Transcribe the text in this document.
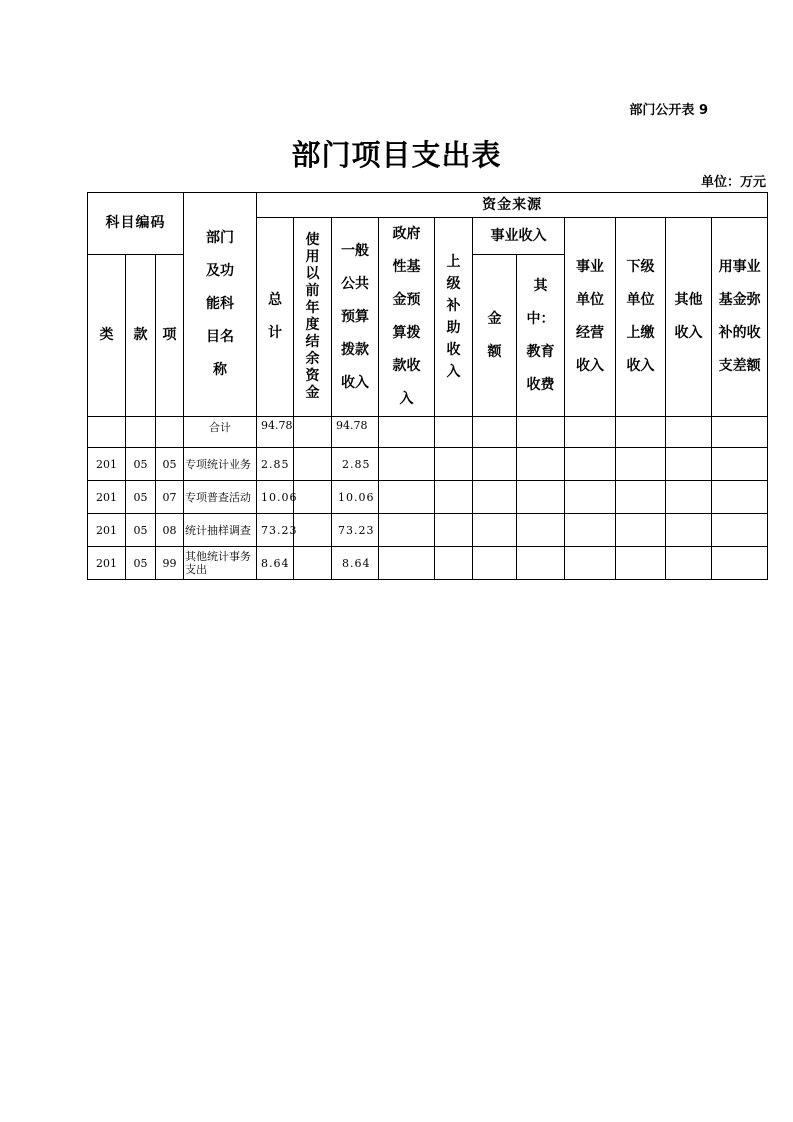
部门公开表 9
部门项目支出表
单位：万元
科目编码			部门及功能科目名称	资金来源										
				总计	使用以前年度结余资金	一般公共预算拨款收入	政府性基金预算拨款收入	上级补助收入	事业收入		事业单位经营收入	下级单位上缴收入	其他收入	用事业基金弥补的收支差额
类	款	项							金额	其中：教育收费				
			合计	94.78		94.78								
201	05	05	专项统计业务	2.85		2.85								
201	05	07	专项普查活动	10.06		10.06								
201	05	08	统计抽样调查	73.23		73.23								
201	05	99	其他统计事务支出	8.64		8.64								
